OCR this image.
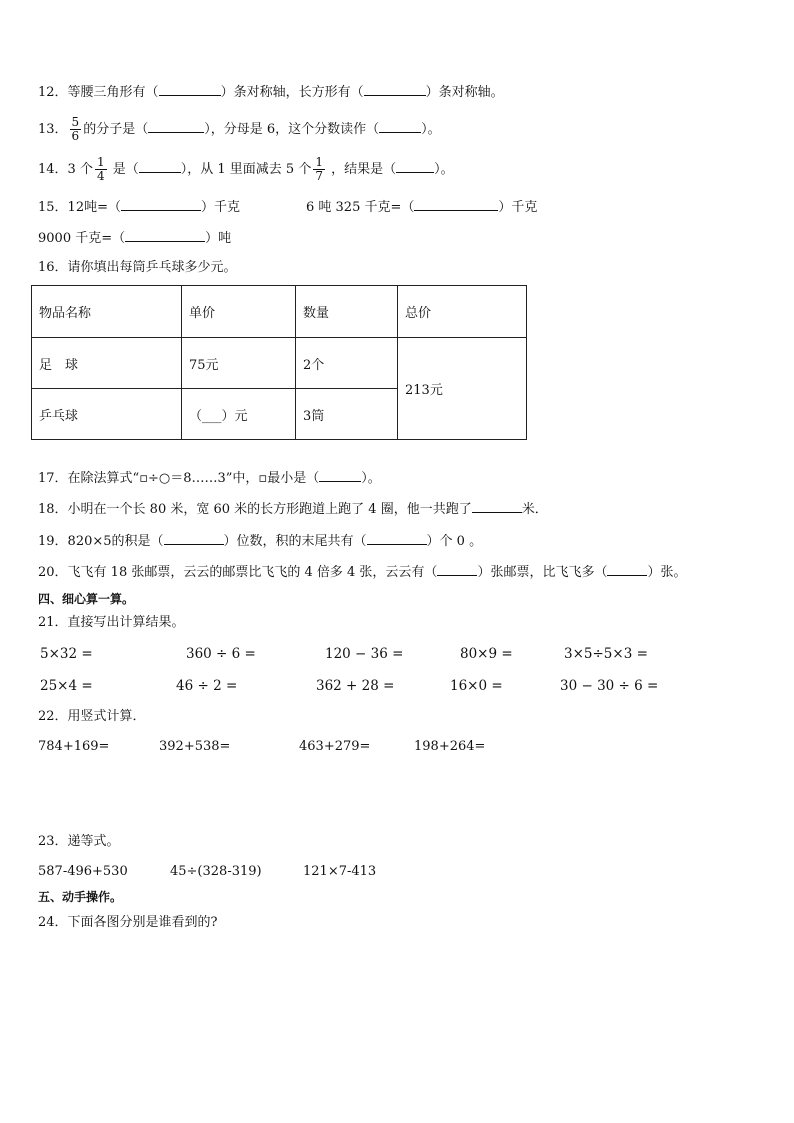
12．等腰三角形有（	）条对称轴，长方形有（	）条对称轴。
13． $\frac{5}{6}$ 的分子是（	），分母是 6，这个分数读作（	）。
14．3 个 $\frac{1}{4}$ 是（	），从 1 里面减去 5 个 $\frac{1}{7}$ ，结果是（	）。
15．12吨=（	）千克	6 吨 325 千克=（	）千克
9000 千克=（	）吨
16．请你填出每筒乒乓球多少元。
物品名称	单价	数量	总价
足　球	75元	2个	213元
乒乓球	（___）元	3筒	
17．在除法算式“▫÷○＝8……3”中，▫最小是（	）。
18．小明在一个长 80 米，宽 60 米的长方形跑道上跑了 4 圈，他一共跑了	米．
19．820×5的积是（	）位数，积的末尾共有（	）个 0 。
20．飞飞有 18 张邮票，云云的邮票比飞飞的 4 倍多 4 张，云云有（	）张邮票，比飞飞多（	）张。
四、细心算一算。
21．直接写出计算结果。
5×32 =	360 ÷ 6 =	120 − 36 =	80×9 =	3×5÷5×3 =
25×4 =	46 ÷ 2 =	362 + 28 =	16×0 =	30 − 30 ÷ 6 =
22．用竖式计算．
784+169=	392+538=	463+279=	198+264=
23．递等式。
587-496+530	45÷(328-319)	121×7-413
五、动手操作。
24．下面各图分别是谁看到的?
